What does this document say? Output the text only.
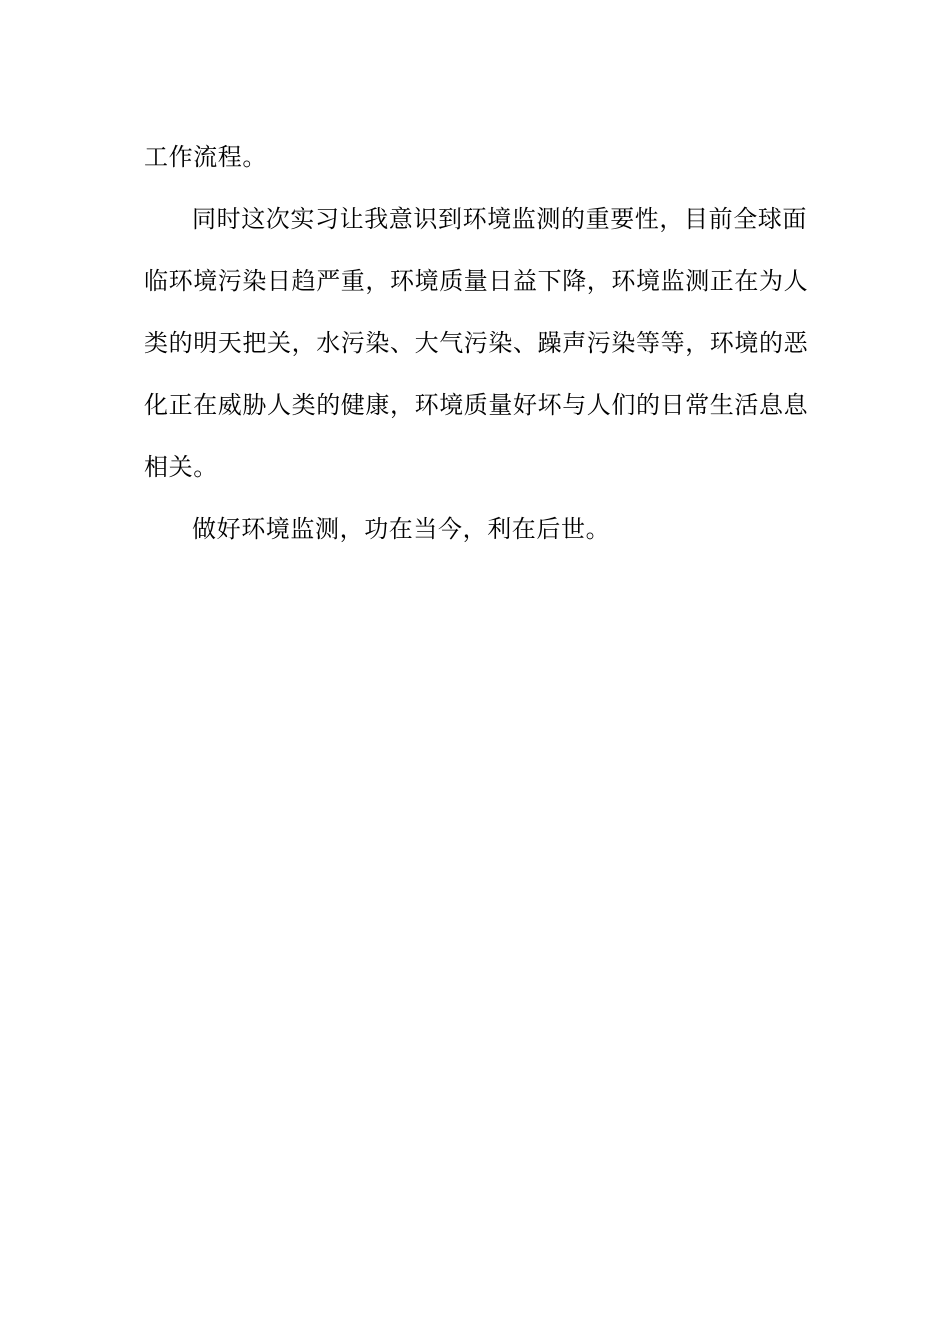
工作流程。
同时这次实习让我意识到环境监测的重要性，目前全球面
临环境污染日趋严重，环境质量日益下降，环境监测正在为人
类的明天把关，水污染、大气污染、躁声污染等等，环境的恶
化正在威胁人类的健康，环境质量好坏与人们的日常生活息息
相关。
做好环境监测，功在当今，利在后世。
